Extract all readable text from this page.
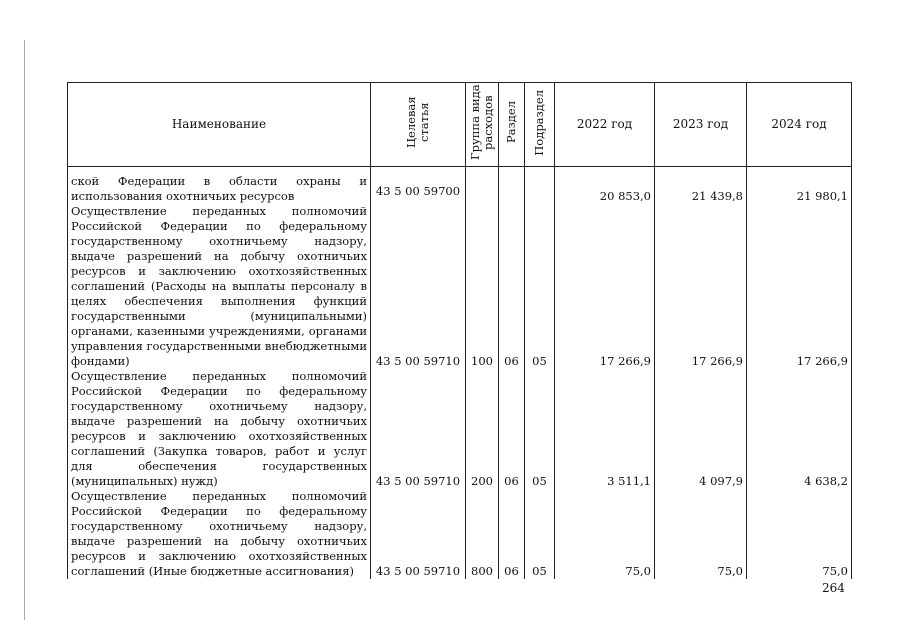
Наименование	Целевая статья	Группа вида расходов	Раздел	Подраздел	2022 год	2023 год	2024 год
ской Федерации в области охраны и использования охотничьих ресурсов	43 5 00 59700				20 853,0	21 439,8	21 980,1
Осуществление переданных полномочий Российской Федерации по федеральному государственному охотничьему надзору, выдаче разрешений на добычу охотничьих ресурсов и заключению охотхозяйственных соглашений (Расходы на выплаты персоналу в целях обеспечения выполнения функций государственными (муниципальными) органами, казенными учреждениями, органами управления государственными внебюджетными фондами)	43 5 00 59710	100	06	05	17 266,9	17 266,9	17 266,9
Осуществление переданных полномочий Российской Федерации по федеральному государственному охотничьему надзору, выдаче разрешений на добычу охотничьих ресурсов и заключению охотхозяйственных соглашений (Закупка товаров, работ и услуг для обеспечения государственных (муниципальных) нужд)	43 5 00 59710	200	06	05	3 511,1	4 097,9	4 638,2
Осуществление переданных полномочий Российской Федерации по федеральному государственному охотничьему надзору, выдаче разрешений на добычу охотничьих ресурсов и заключению охотхозяйственных соглашений (Иные бюджетные ассигнования)	43 5 00 59710	800	06	05	75,0	75,0	75,0
264
